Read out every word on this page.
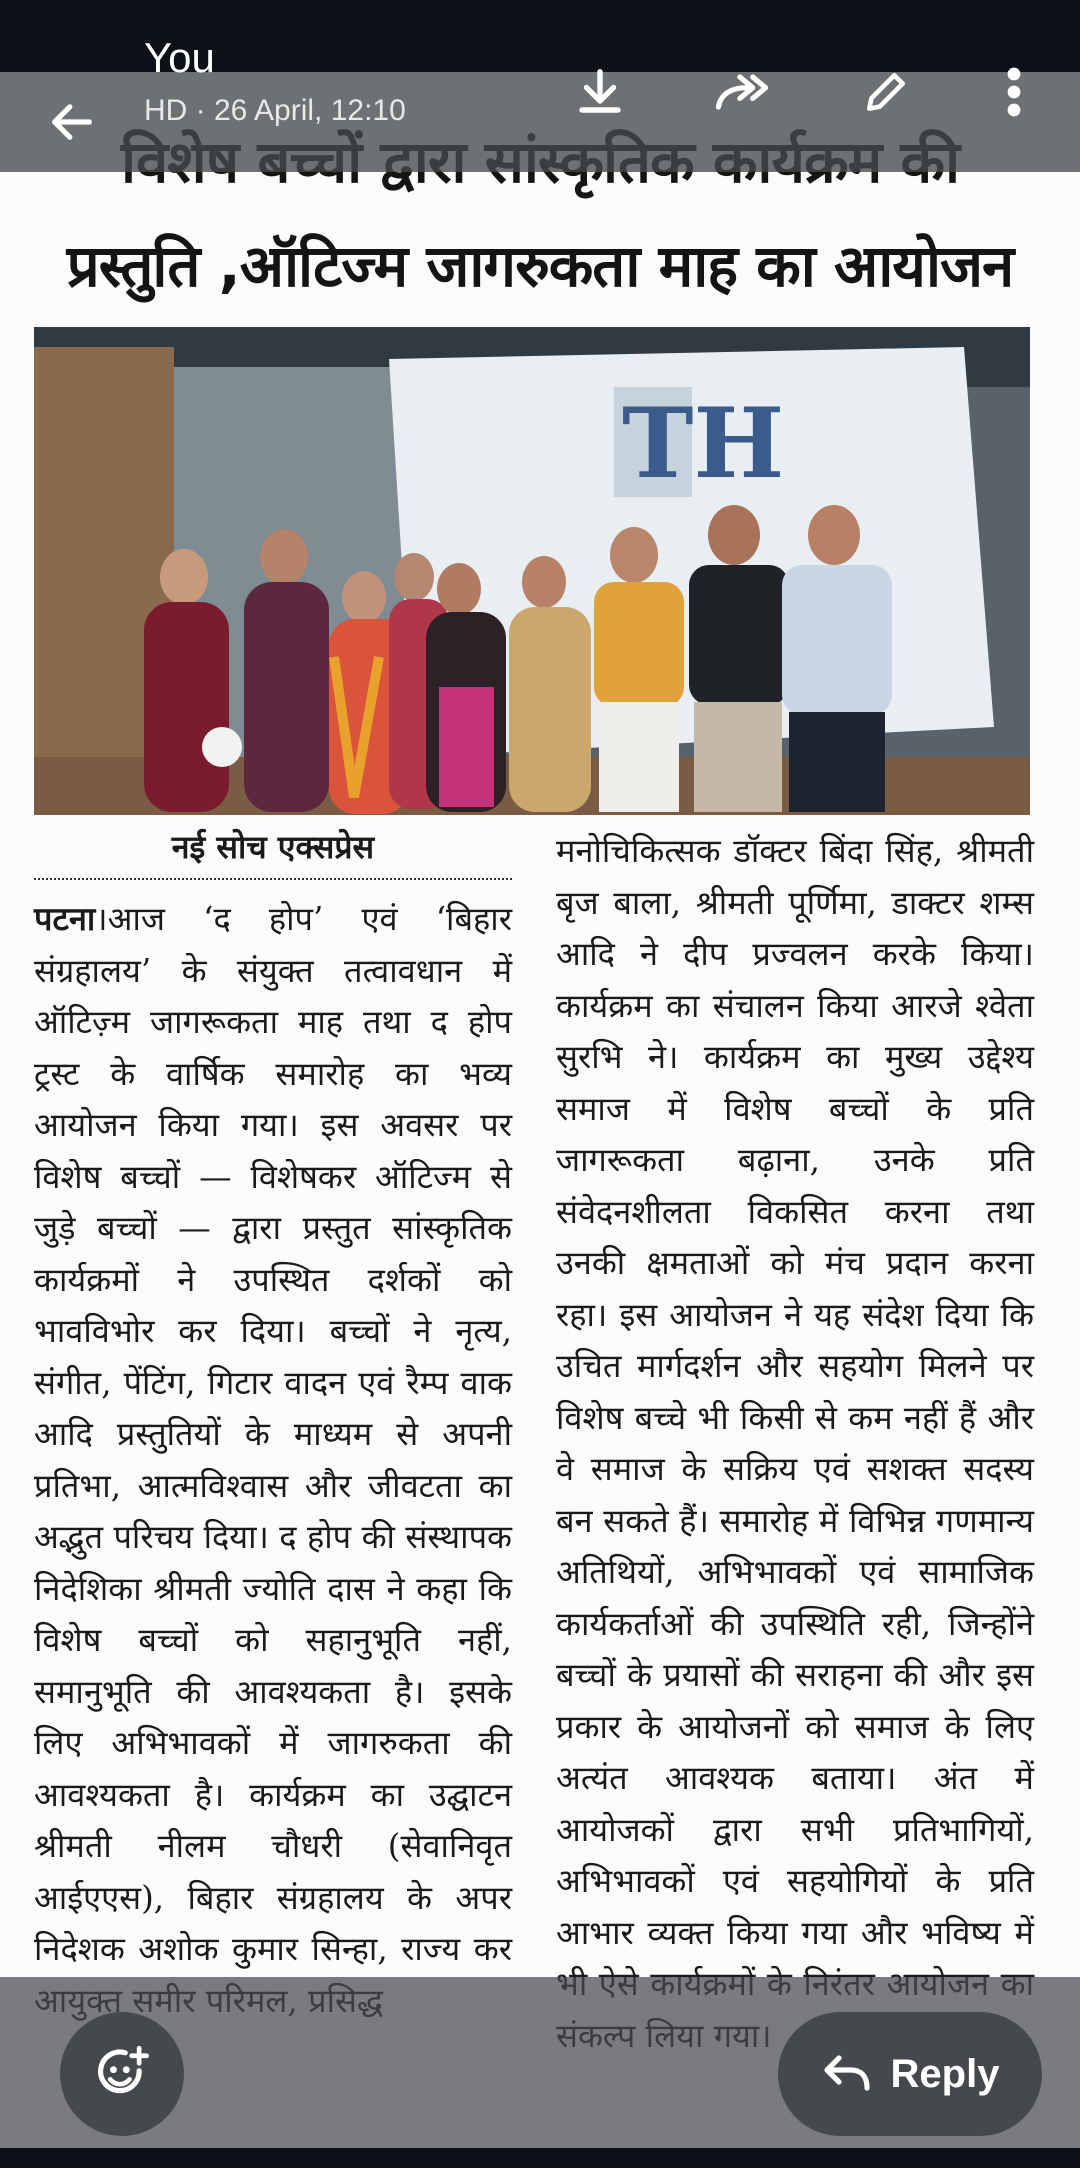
प्रस्तुति ,ऑटिज्म जागरुकता माह का आयोजन
TH
नई सोच एक्सप्रेस
पटना।आज ‘द होप’ एवं ‘बिहार संग्रहालय’ के संयुक्त तत्वावधान में ऑटिज़्म जागरूकता माह तथा द होप ट्रस्ट के वार्षिक समारोह का भव्य आयोजन किया गया। इस अवसर पर विशेष बच्चों — विशेषकर ऑटिज्म से जुड़े बच्चों — द्वारा प्रस्तुत सांस्कृतिक कार्यक्रमों ने उपस्थित दर्शकों को भावविभोर कर दिया। बच्चों ने नृत्य, संगीत, पेंटिंग, गिटार वादन एवं रैम्प वाक आदि प्रस्तुतियों के माध्यम से अपनी प्रतिभा, आत्मविश्वास और जीवटता का अद्भुत परिचय दिया। द होप की संस्थापक निदेशिका श्रीमती ज्योति दास ने कहा कि विशेष बच्चों को सहानुभूति नहीं, समानुभूति की आवश्यकता है। इसके लिए अभिभावकों में जागरुकता की आवश्यकता है। कार्यक्रम का उद्घाटन श्रीमती नीलम चौधरी (सेवानिवृत आईएएस), बिहार संग्रहालय के अपर निदेशक अशोक कुमार सिन्हा, राज्य कर
मनोचिकित्सक डॉक्टर बिंदा सिंह, श्रीमती बृज बाला, श्रीमती पूर्णिमा, डाक्टर शम्स आदि ने दीप प्रज्वलन करके किया। कार्यक्रम का संचालन किया आरजे श्वेता सुरभि ने। कार्यक्रम का मुख्य उद्देश्य समाज में विशेष बच्चों के प्रति जागरूकता बढ़ाना, उनके प्रति संवेदनशीलता विकसित करना तथा उनकी क्षमताओं को मंच प्रदान करना रहा। इस आयोजन ने यह संदेश दिया कि उचित मार्गदर्शन और सहयोग मिलने पर विशेष बच्चे भी किसी से कम नहीं हैं और वे समाज के सक्रिय एवं सशक्त सदस्य बन सकते हैं। समारोह में विभिन्न गणमान्य अतिथियों, अभिभावकों एवं सामाजिक कार्यकर्ताओं की उपस्थिति रही, जिन्होंने बच्चों के प्रयासों की सराहना की और इस प्रकार के आयोजनों को समाज के लिए अत्यंत आवश्यक बताया। अंत में आयोजकों द्वारा सभी प्रतिभागियों, अभिभावकों एवं सहयोगियों के प्रति आभार व्यक्त किया गया और भविष्य में
You
HD · 26 April, 12:10
Reply
